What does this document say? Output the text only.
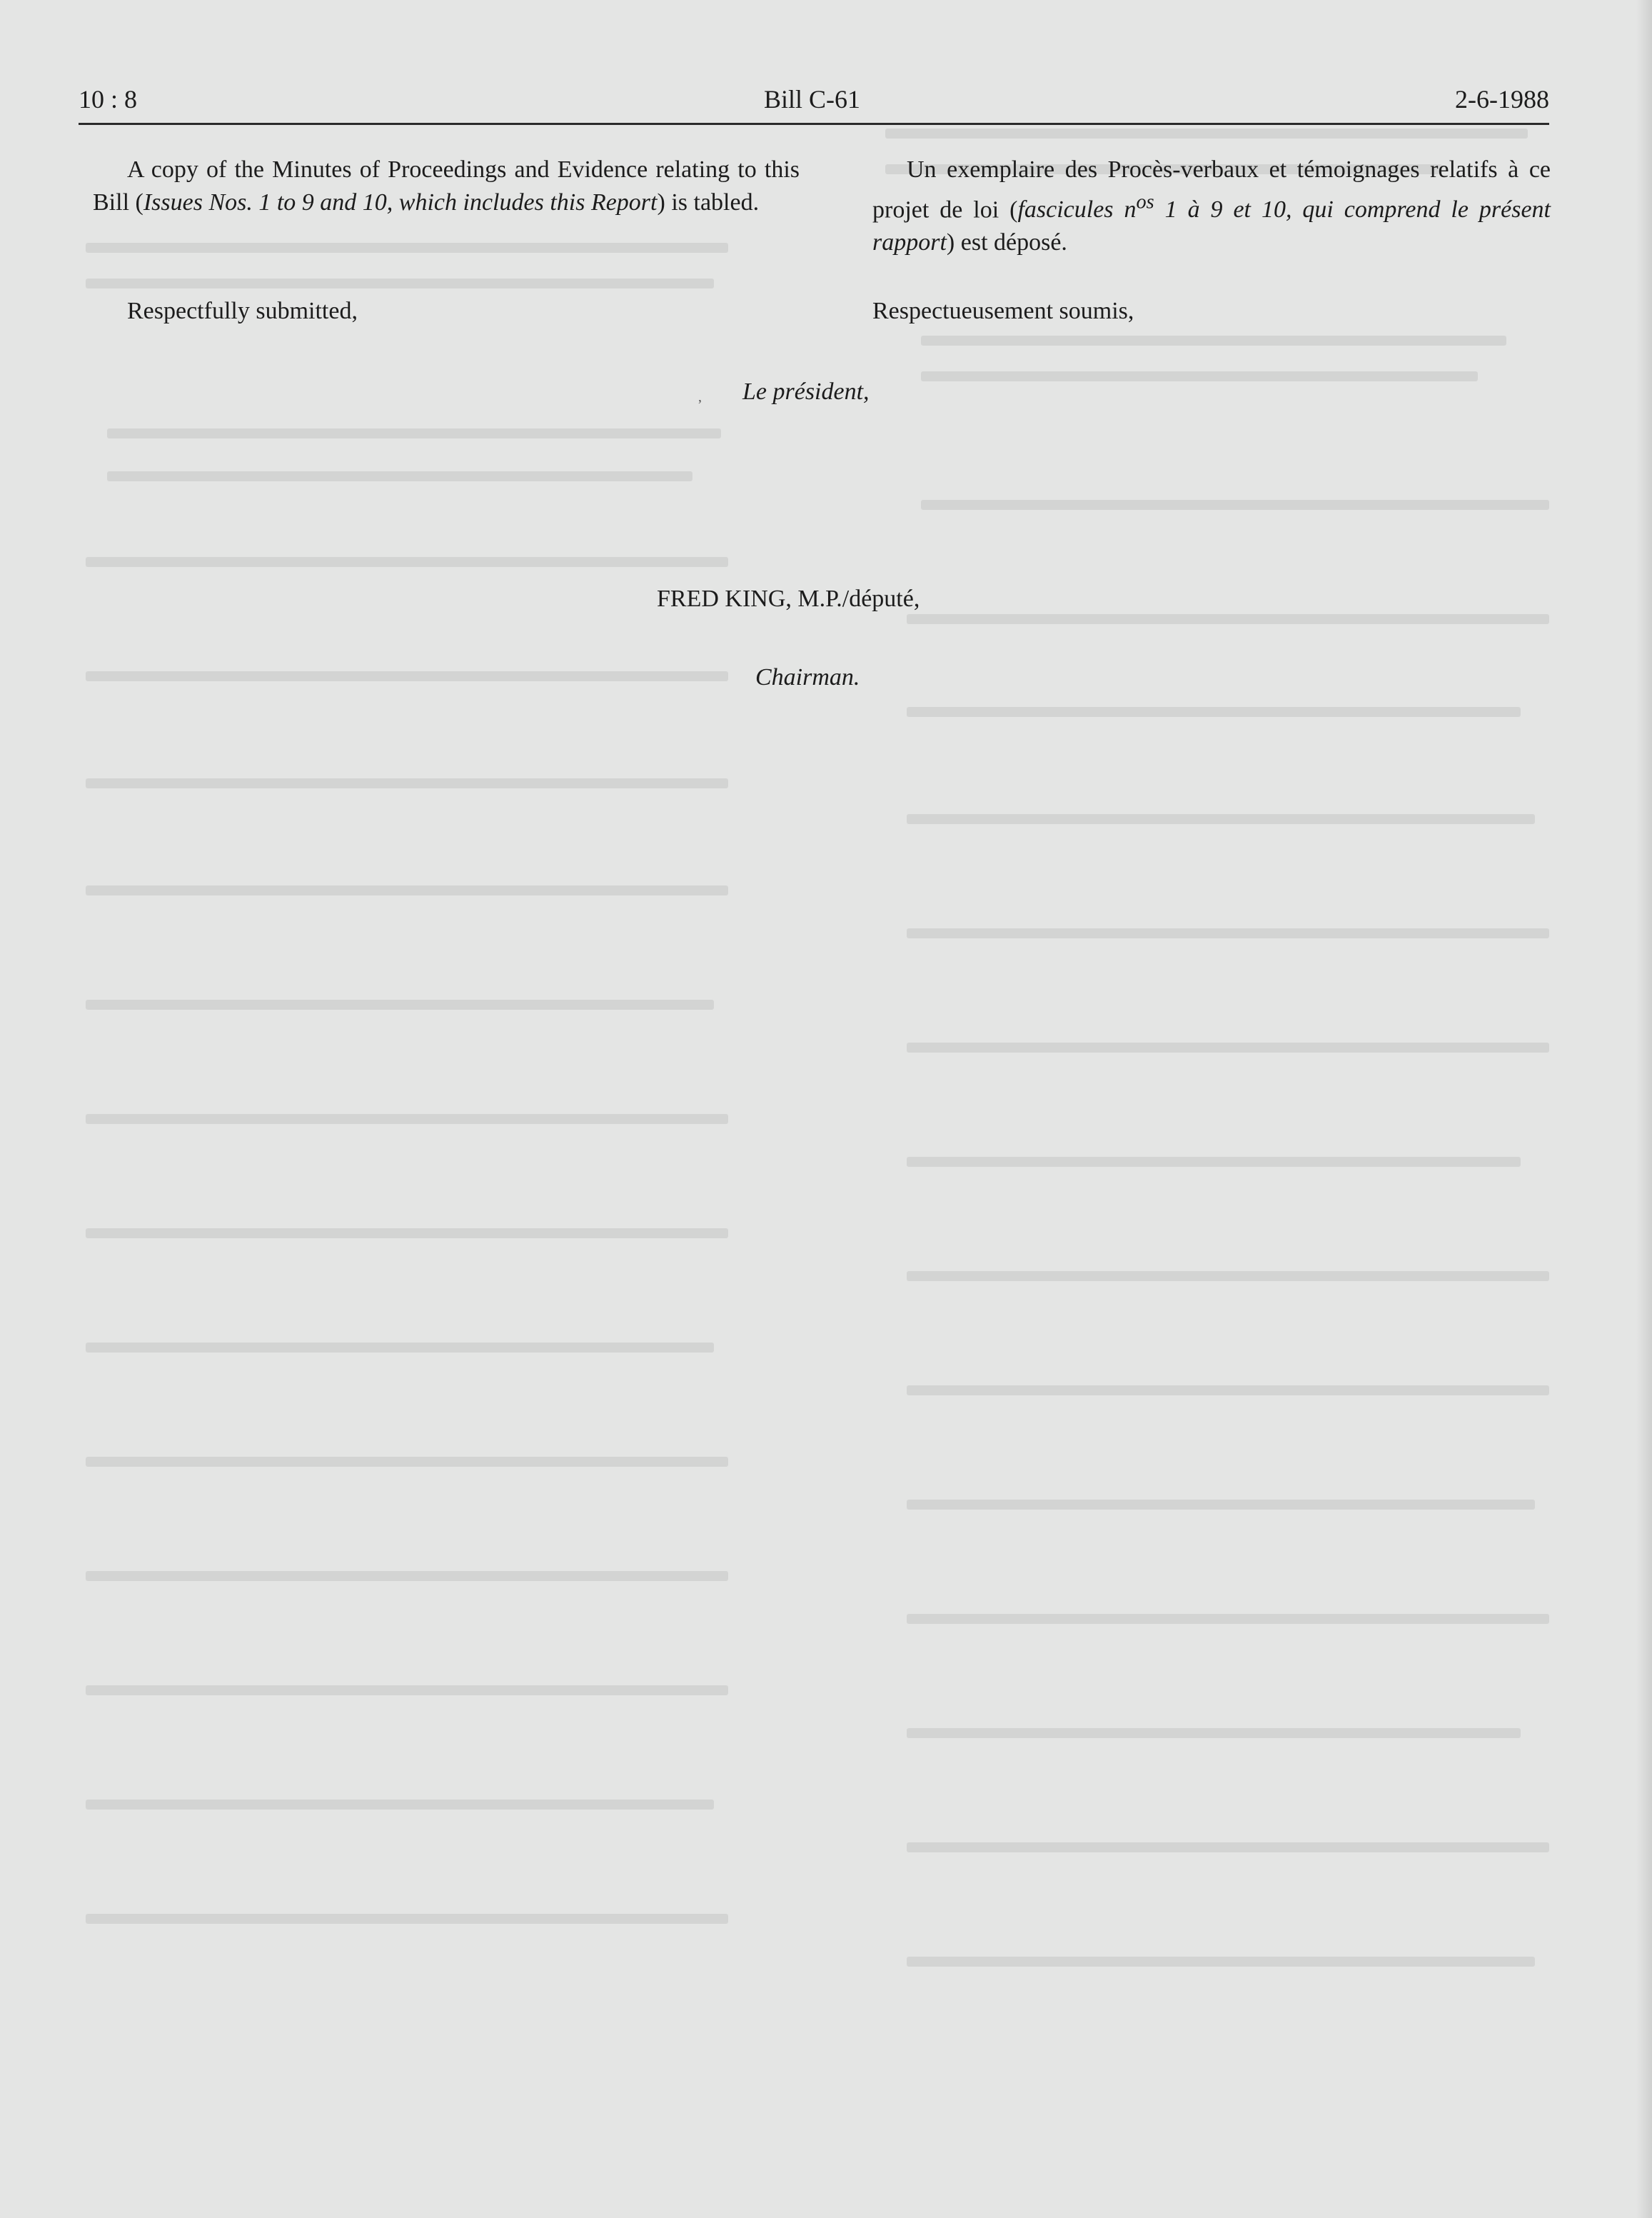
10 : 8	Bill C-61	2-6-1988

A copy of the Minutes of Proceedings and Evidence relating to this Bill (Issues Nos. 1 to 9 and 10, which includes this Report) is tabled.

Respectfully submitted,

Un exemplaire des Procès-verbaux et témoignages relatifs à ce projet de loi (fascicules $n^{os}$ 1 à 9 et 10, qui comprend le présent rapport) est déposé.

Respectueusement soumis,
, Le président,
FRED KING, M.P./député,
Chairman.
